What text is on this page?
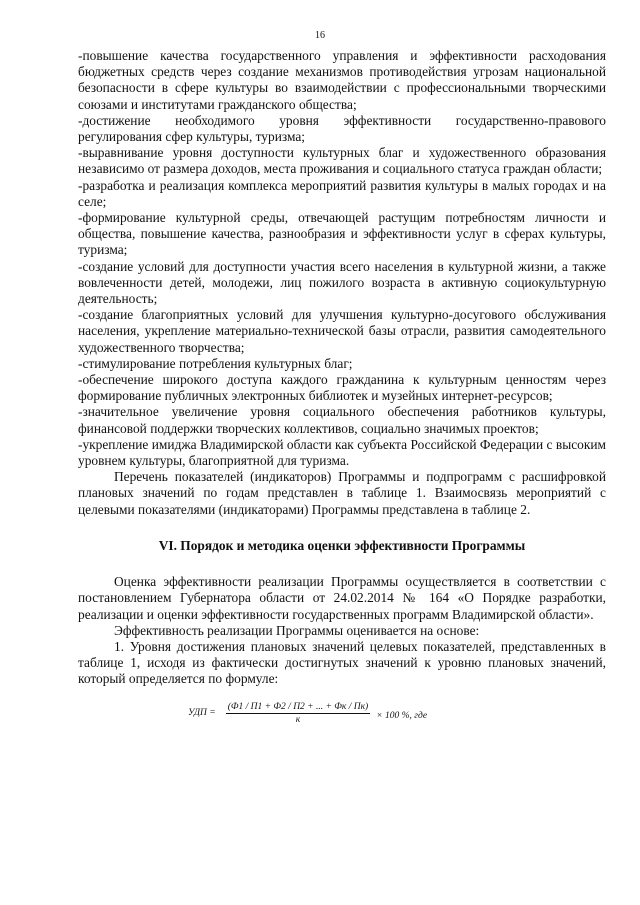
16

-повышение качества государственного управления и эффективности расходования бюджетных средств через создание механизмов противодействия угрозам национальной безопасности в сфере культуры во взаимодействии с профессиональными творческими союзами и институтами гражданского общества;

-достижение необходимого уровня эффективности государственно-правового регулирования сфер культуры, туризма;

-выравнивание уровня доступности культурных благ и художественного образования независимо от размера доходов, места проживания и социального статуса граждан области;

-разработка и реализация комплекса мероприятий развития культуры в малых городах и на селе;

-формирование культурной среды, отвечающей растущим потребностям личности и общества, повышение качества, разнообразия и эффективности услуг в сферах культуры, туризма;

-создание условий для доступности участия всего населения в культурной жизни, а также вовлеченности детей, молодежи, лиц пожилого возраста в активную социокультурную деятельность;

-создание благоприятных условий для улучшения культурно-досугового обслуживания населения, укрепление материально-технической базы отрасли, развития самодеятельного художественного творчества;

-стимулирование потребления культурных благ;

-обеспечение широкого доступа каждого гражданина к культурным ценностям через формирование публичных электронных библиотек и музейных интернет-ресурсов;

-значительное увеличение уровня социального обеспечения работников культуры, финансовой поддержки творческих коллективов, социально значимых проектов;

-укрепление имиджа Владимирской области как субъекта Российской Федерации с высоким уровнем культуры, благоприятной для туризма.

Перечень показателей (индикаторов) Программы и подпрограмм с расшифровкой плановых значений по годам представлен в таблице 1. Взаимосвязь мероприятий с целевыми показателями (индикаторами) Программы представлена в таблице 2.

VI. Порядок и методика оценки эффективности Программы

Оценка эффективности реализации Программы осуществляется в соответствии с постановлением Губернатора области от 24.02.2014 № 164 «О Порядке разработки, реализации и оценки эффективности государственных программ Владимирской области».

Эффективность реализации Программы оценивается на основе:

1. Уровня достижения плановых значений целевых показателей, представленных в таблице 1, исходя из фактически достигнутых значений к уровню плановых значений, который определяется по формуле:

УДП = $\frac{(Ф1 / П1 + Ф2 / П2 + ... + Фк / Пк)}{к} \times 100$ %, где
